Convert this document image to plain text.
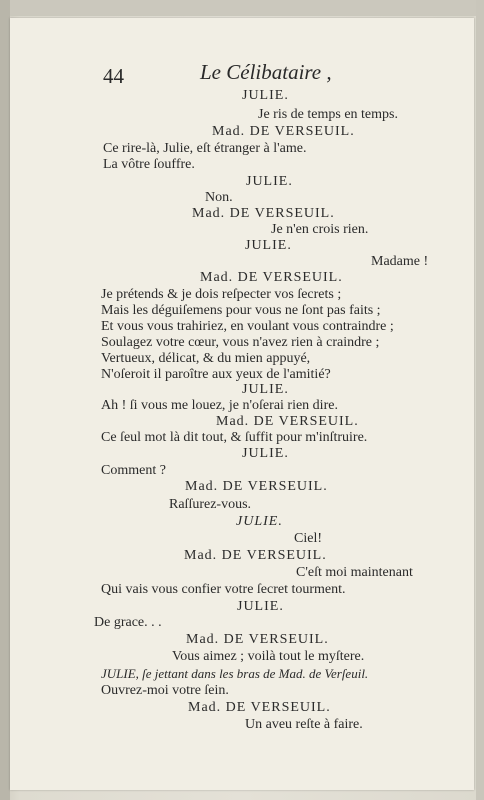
44	Le Célibataire ,
JULIE.
Je ris de temps en temps.
Mad. DE VERSEUIL.
Ce rire-là, Julie, eſt étranger à l'ame.
La vôtre ſouffre.
JULIE.
Non.
Mad. DE VERSEUIL.
Je n'en crois rien.
JULIE.
Madame !
Mad. DE VERSEUIL.
Je prétends & je dois reſpecter vos ſecrets ;
Mais les déguiſemens pour vous ne ſont pas faits ;
Et vous vous trahiriez, en voulant vous contraindre ;
Soulagez votre cœur, vous n'avez rien à craindre ;
Vertueux, délicat, & du mien appuyé,
N'oſeroit il paroître aux yeux de l'amitié?
JULIE.
Ah ! ſi vous me louez, je n'oſerai rien dire.
Mad. DE VERSEUIL.
Ce ſeul mot là dit tout, & ſuffit pour m'inſtruire.
JULIE.
Comment ?
Mad. DE VERSEUIL.
Raſſurez-vous.
JULIE.
Ciel!
Mad. DE VERSEUIL.
C'eſt moi maintenant
Qui vais vous confier votre ſecret tourment.
JULIE.
De grace. . .
Mad. DE VERSEUIL.
Vous aimez ; voilà tout le myſtere.
JULIE, ſe jettant dans les bras de Mad. de Verſeuil.
Ouvrez-moi votre ſein.
Mad. DE VERSEUIL.
Un aveu reſte à faire.
